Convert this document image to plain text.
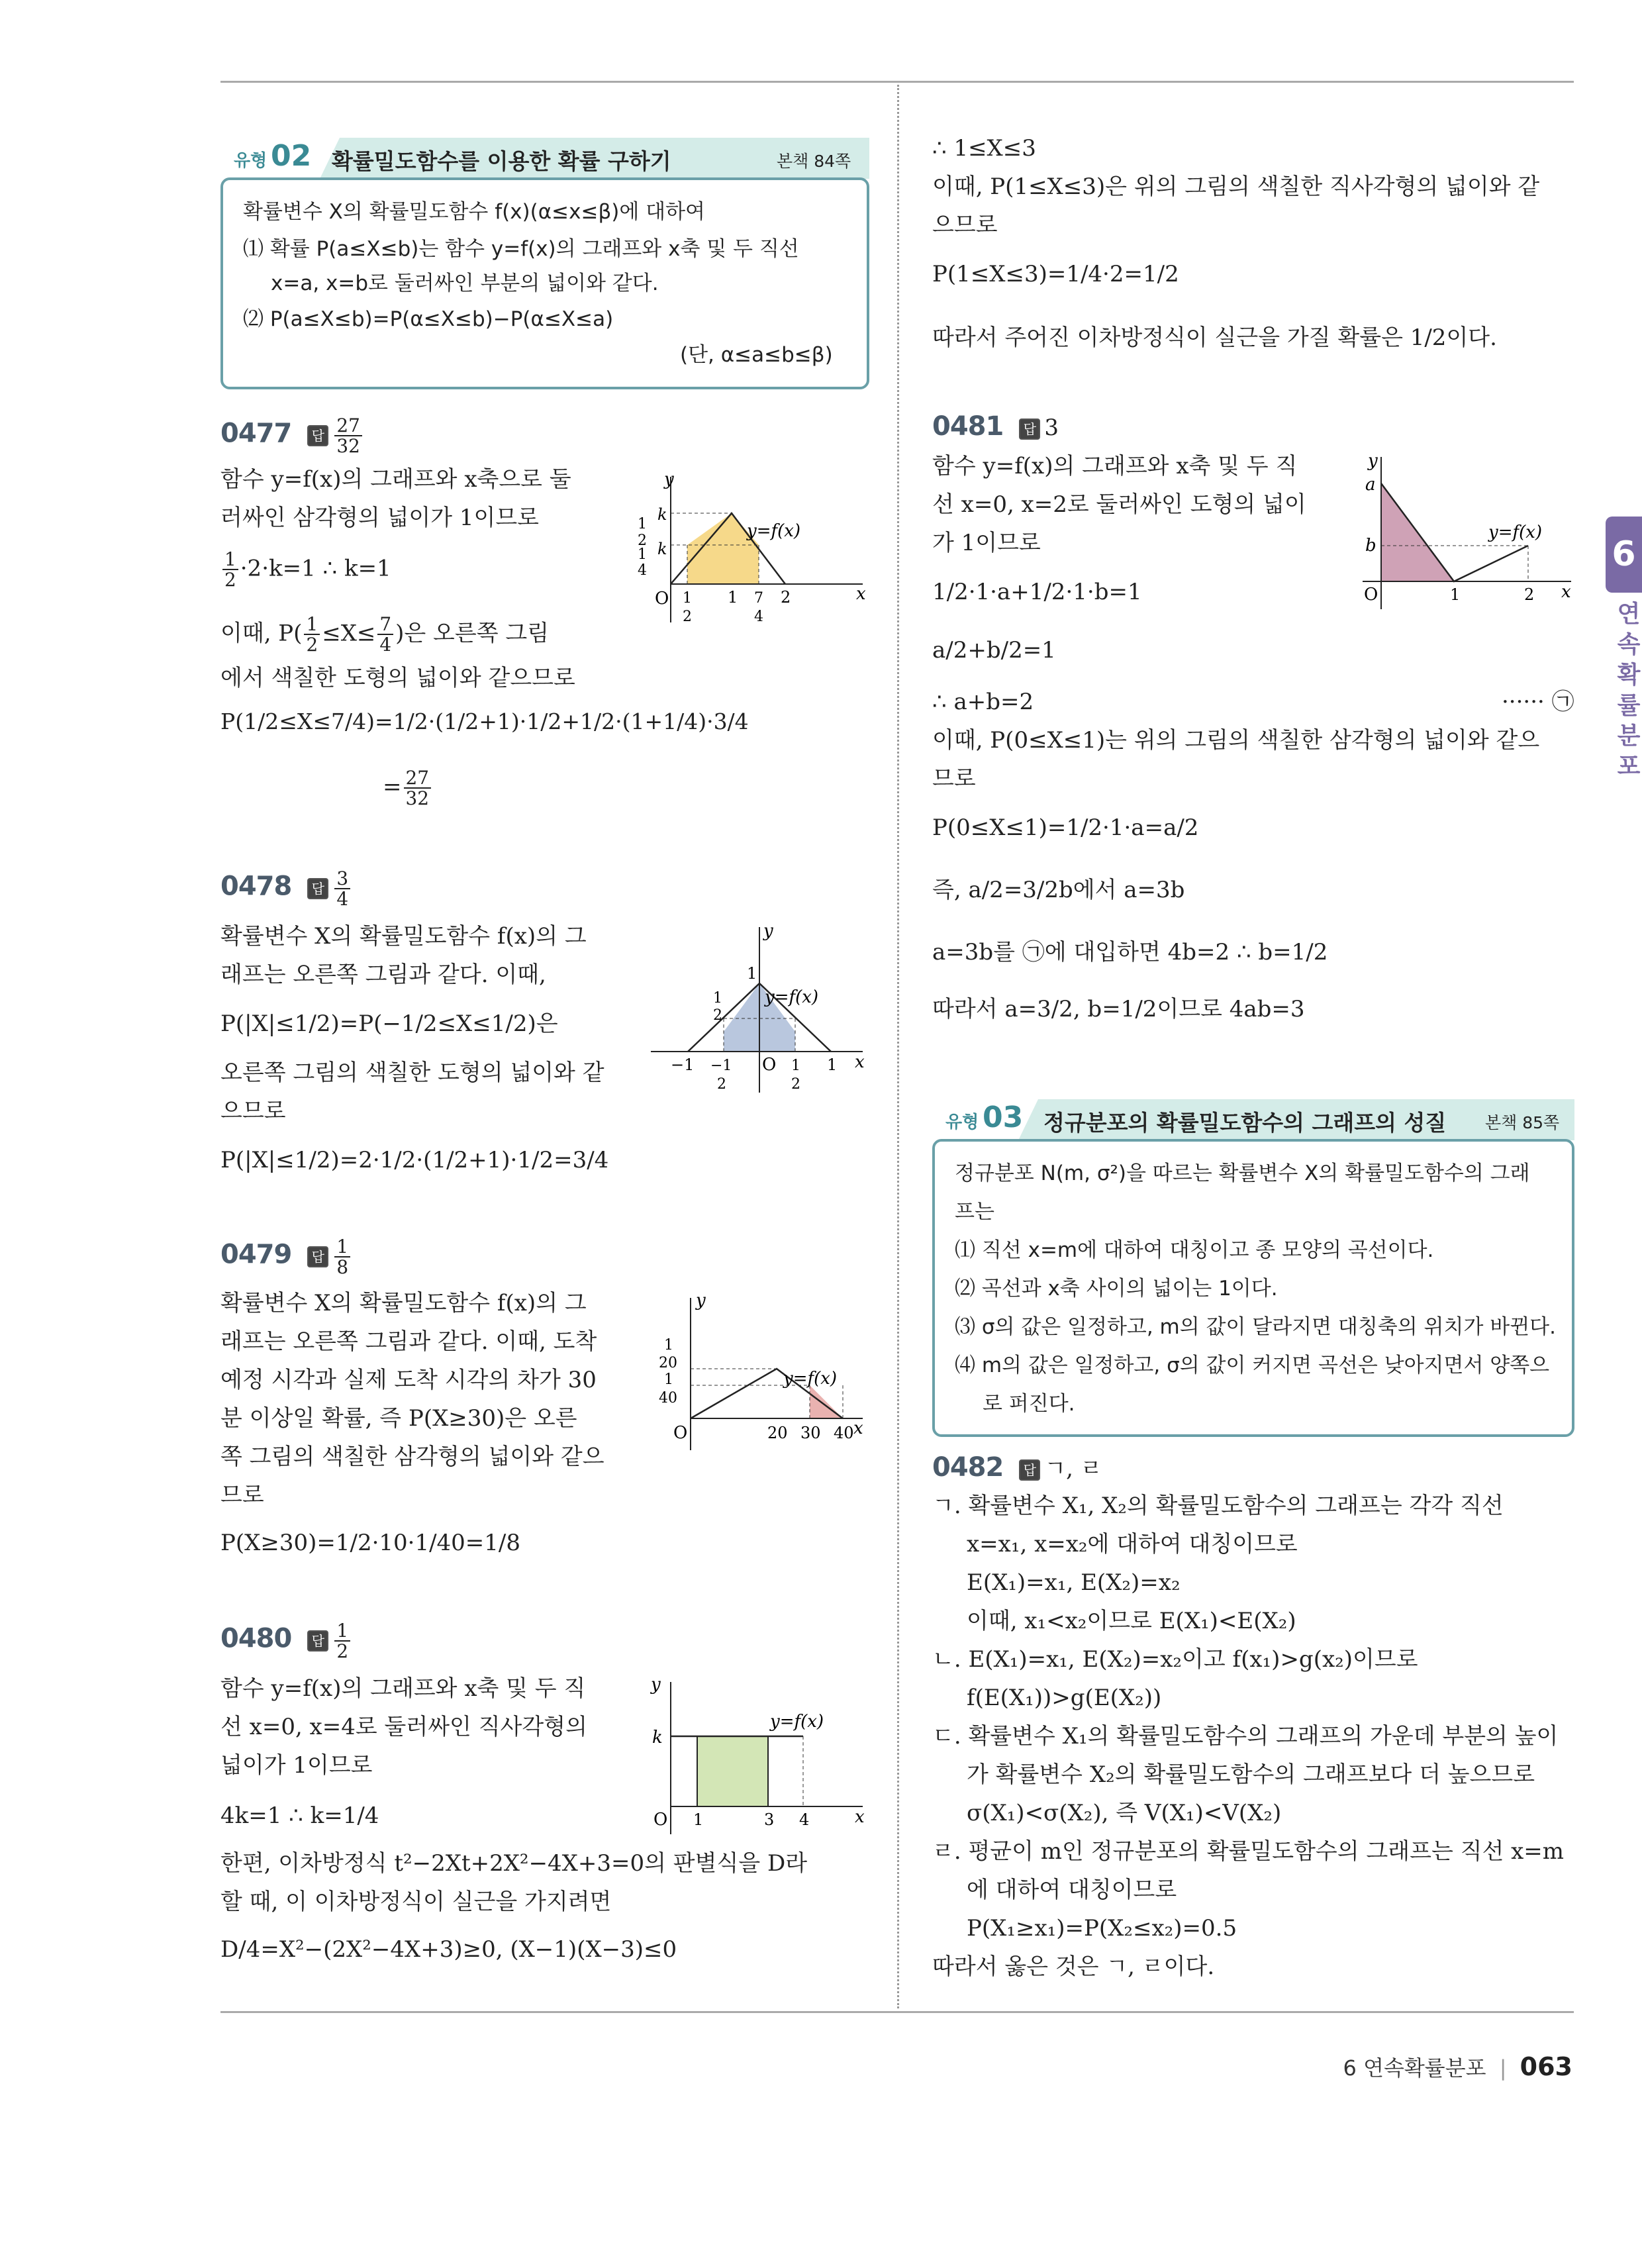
유형 02 확률밀도함수를 이용한 확률 구하기	본책 84쪽
확률변수 X의 확률밀도함수 f(x)(α≤x≤β)에 대하여
⑴ 확률 P(a≤X≤b)는 함수 y=f(x)의 그래프와 x축 및 두 직선
x=a, x=b로 둘러싸인 부분의 넓이와 같다.
⑵ P(a≤X≤b)=P(α≤X≤b)−P(α≤X≤a)
(단, α≤a≤b≤β)
0477 답 $\frac{27}{32}$
함수 y=f(x)의 그래프와 x축으로 둘
러싸인 삼각형의 넓이가 1이므로
$\frac{1}{2} \cdot 2\cdot k=1$ ∴ k=1
이때, $P( \frac{1}{2} \le X\le \frac{7}{4}$ )은 오른쪽 그림
에서 색칠한 도형의 넓이와 같으므로
P(1/2≤X≤7/4)=1/2·(1/2+1)·1/2+1/2·(1+1/4)·3/4
= $\frac{27}{32}$
y
x
O
y=f(x)
k
k
1
2
1
4
1
2
1 7
4
2
0478 답 $\frac{3}{4}$
확률변수 X의 확률밀도함수 f(x)의 그
래프는 오른쪽 그림과 같다. 이때,
P(|X|≤1/2)=P(−1/2≤X≤1/2)은
오른쪽 그림의 색칠한 도형의 넓이와 같
으므로
P(|X|≤1/2)=2·1/2·(1/2+1)·1/2=3/4
y
x
O
y=f(x)
1
−1	1
1
2
−1
2
1
2
0479 답 $\frac{1}{8}$
확률변수 X의 확률밀도함수 f(x)의 그
래프는 오른쪽 그림과 같다. 이때, 도착
예정 시각과 실제 도착 시각의 차가 30
분 이상일 확률, 즉 P(X≥30)은 오른
쪽 그림의 색칠한 삼각형의 넓이와 같으
므로
P(X≥30)=1/2·10·1/40=1/8
y
x
O
y=f(x)
1
20
1
40
20 30 40
0480 답 $\frac{1}{2}$
함수 y=f(x)의 그래프와 x축 및 두 직
선 x=0, x=4로 둘러싸인 직사각형의
넓이가 1이므로
4k=1 ∴ k=1/4
한편, 이차방정식 t²−2Xt+2X²−4X+3=0의 판별식을 D라
할 때, 이 이차방정식이 실근을 가지려면
D/4=X²−(2X²−4X+3)≥0, (X−1)(X−3)≤0
y
x
O
k
y=f(x)
1	3 4
∴ 1≤X≤3
이때, P(1≤X≤3)은 위의 그림의 색칠한 직사각형의 넓이와 같
으므로
P(1≤X≤3)=1/4·2=1/2
따라서 주어진 이차방정식이 실근을 가질 확률은 1/2이다.
0481 답 3
함수 y=f(x)의 그래프와 x축 및 두 직
선 x=0, x=2로 둘러싸인 도형의 넓이
가 1이므로
1/2·1·a+1/2·1·b=1
a/2+b/2=1
∴ a+b=2	······ ㉠
이때, P(0≤X≤1)는 위의 그림의 색칠한 삼각형의 넓이와 같으
므로
P(0≤X≤1)=1/2·1·a=a/2
즉, a/2=3/2b에서 a=3b
a=3b를 ㉠에 대입하면 4b=2 ∴ b=1/2
따라서 a=3/2, b=1/2이므로 4ab=3
y
x
O
a
b
y=f(x)
1	2
유형 03 정규분포의 확률밀도함수의 그래프의 성질 본책 85쪽
정규분포 N(m, σ²)을 따르는 확률변수 X의 확률밀도함수의 그래
프는
⑴ 직선 x=m에 대하여 대칭이고 종 모양의 곡선이다.
⑵ 곡선과 x축 사이의 넓이는 1이다.
⑶ σ의 값은 일정하고, m의 값이 달라지면 대칭축의 위치가 바뀐다.
⑷ m의 값은 일정하고, σ의 값이 커지면 곡선은 낮아지면서 양쪽으
로 퍼진다.
0482 답 ㄱ, ㄹ
ㄱ. 확률변수 X₁, X₂의 확률밀도함수의 그래프는 각각 직선
x=x₁, x=x₂에 대하여 대칭이므로
E(X₁)=x₁, E(X₂)=x₂
이때, x₁<x₂이므로 E(X₁)<E(X₂)
ㄴ. E(X₁)=x₁, E(X₂)=x₂이고 f(x₁)>g(x₂)이므로
f(E(X₁))>g(E(X₂))
ㄷ. 확률변수 X₁의 확률밀도함수의 그래프의 가운데 부분의 높이
가 확률변수 X₂의 확률밀도함수의 그래프보다 더 높으므로
σ(X₁)<σ(X₂), 즉 V(X₁)<V(X₂)
ㄹ. 평균이 m인 정규분포의 확률밀도함수의 그래프는 직선 x=m
에 대하여 대칭이므로
P(X₁≥x₁)=P(X₂≤x₂)=0.5
따라서 옳은 것은 ㄱ, ㄹ이다.
6
연속확률분포
6 연속확률분포 | 063
